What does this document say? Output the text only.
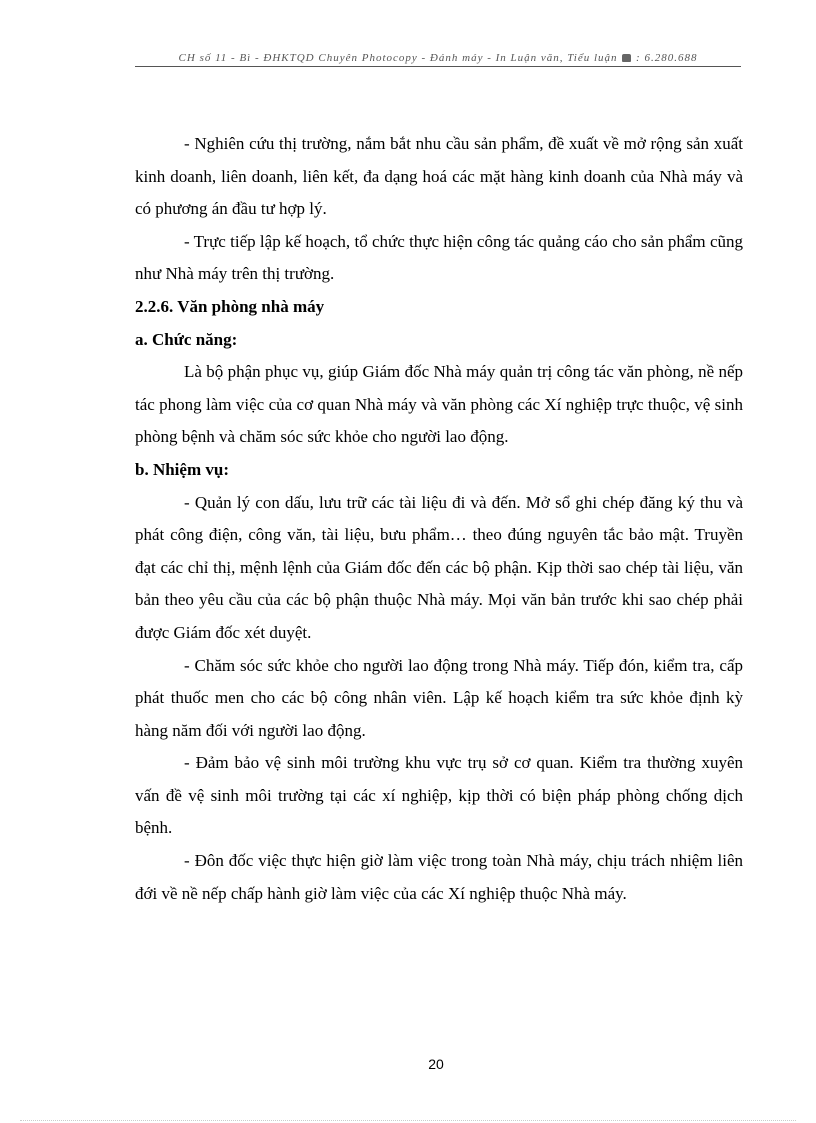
CH số 11 - Bì - ĐHKTQD Chuyên Photocopy - Đánh máy - In Luận văn, Tiểu luận : 6.280.688

- Nghiên cứu thị trường, nắm bắt nhu cầu sản phẩm, đề xuất về mở rộng sản xuất kinh doanh, liên doanh, liên kết, đa dạng hoá các mặt hàng kinh doanh của Nhà máy và có phương án đầu tư hợp lý.

- Trực tiếp lập kế hoạch, tổ chức thực hiện công tác quảng cáo cho sản phẩm cũng như Nhà máy trên thị trường.

2.2.6. Văn phòng nhà máy

a. Chức năng:

Là bộ phận phục vụ, giúp Giám đốc Nhà máy quản trị công tác văn phòng, nề nếp tác phong làm việc của cơ quan Nhà máy và văn phòng các Xí nghiệp trực thuộc, vệ sinh phòng bệnh và chăm sóc sức khỏe cho người lao động.

b. Nhiệm vụ:

- Quản lý con dấu, lưu trữ các tài liệu đi và đến. Mở sổ ghi chép đăng ký thu và phát công điện, công văn, tài liệu, bưu phẩm… theo đúng nguyên tắc bảo mật. Truyền đạt các chỉ thị, mệnh lệnh của Giám đốc đến các bộ phận. Kịp thời sao chép tài liệu, văn bản theo yêu cầu của các bộ phận thuộc Nhà máy. Mọi văn bản trước khi sao chép phải được Giám đốc xét duyệt.

- Chăm sóc sức khỏe cho người lao động trong Nhà máy. Tiếp đón, kiểm tra, cấp phát thuốc men cho các bộ công nhân viên. Lập kế hoạch kiểm tra sức khỏe định kỳ hàng năm đối với người lao động.

- Đảm bảo vệ sinh môi trường khu vực trụ sở cơ quan. Kiểm tra thường xuyên vấn đề vệ sinh môi trường tại các xí nghiệp, kịp thời có biện pháp phòng chống dịch bệnh.

- Đôn đốc việc thực hiện giờ làm việc trong toàn Nhà máy, chịu trách nhiệm liên đới về nề nếp chấp hành giờ làm việc của các Xí nghiệp thuộc Nhà máy.

20
